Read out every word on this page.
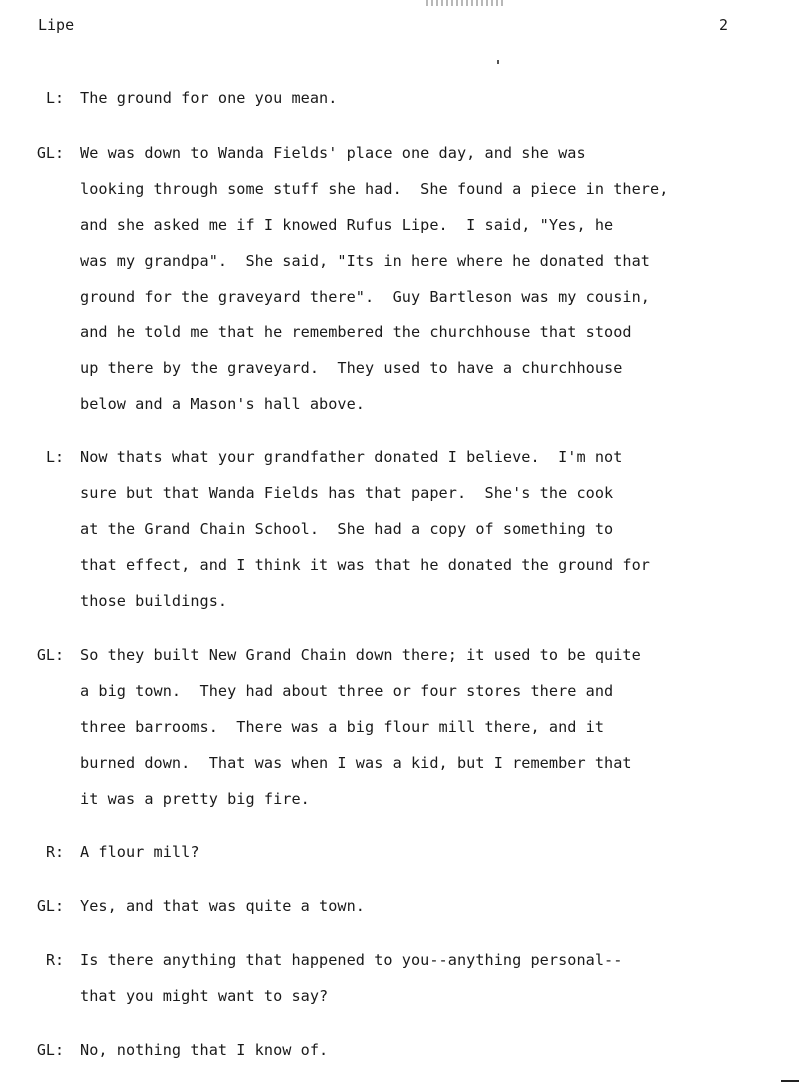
Lipe	2
L: The ground for one you mean.
GL: We was down to Wanda Fields' place one day, and she was
looking through some stuff she had.  She found a piece in there,
and she asked me if I knowed Rufus Lipe.  I said, "Yes, he
was my grandpa".  She said, "Its in here where he donated that
ground for the graveyard there".  Guy Bartleson was my cousin,
and he told me that he remembered the churchhouse that stood
up there by the graveyard.  They used to have a churchhouse
below and a Mason's hall above.
L: Now thats what your grandfather donated I believe.  I'm not
sure but that Wanda Fields has that paper.  She's the cook
at the Grand Chain School.  She had a copy of something to
that effect, and I think it was that he donated the ground for
those buildings.
GL: So they built New Grand Chain down there; it used to be quite
a big town.  They had about three or four stores there and
three barrooms.  There was a big flour mill there, and it
burned down.  That was when I was a kid, but I remember that
it was a pretty big fire.
R: A flour mill?
GL: Yes, and that was quite a town.
R: Is there anything that happened to you--anything personal--
that you might want to say?
GL: No, nothing that I know of.
